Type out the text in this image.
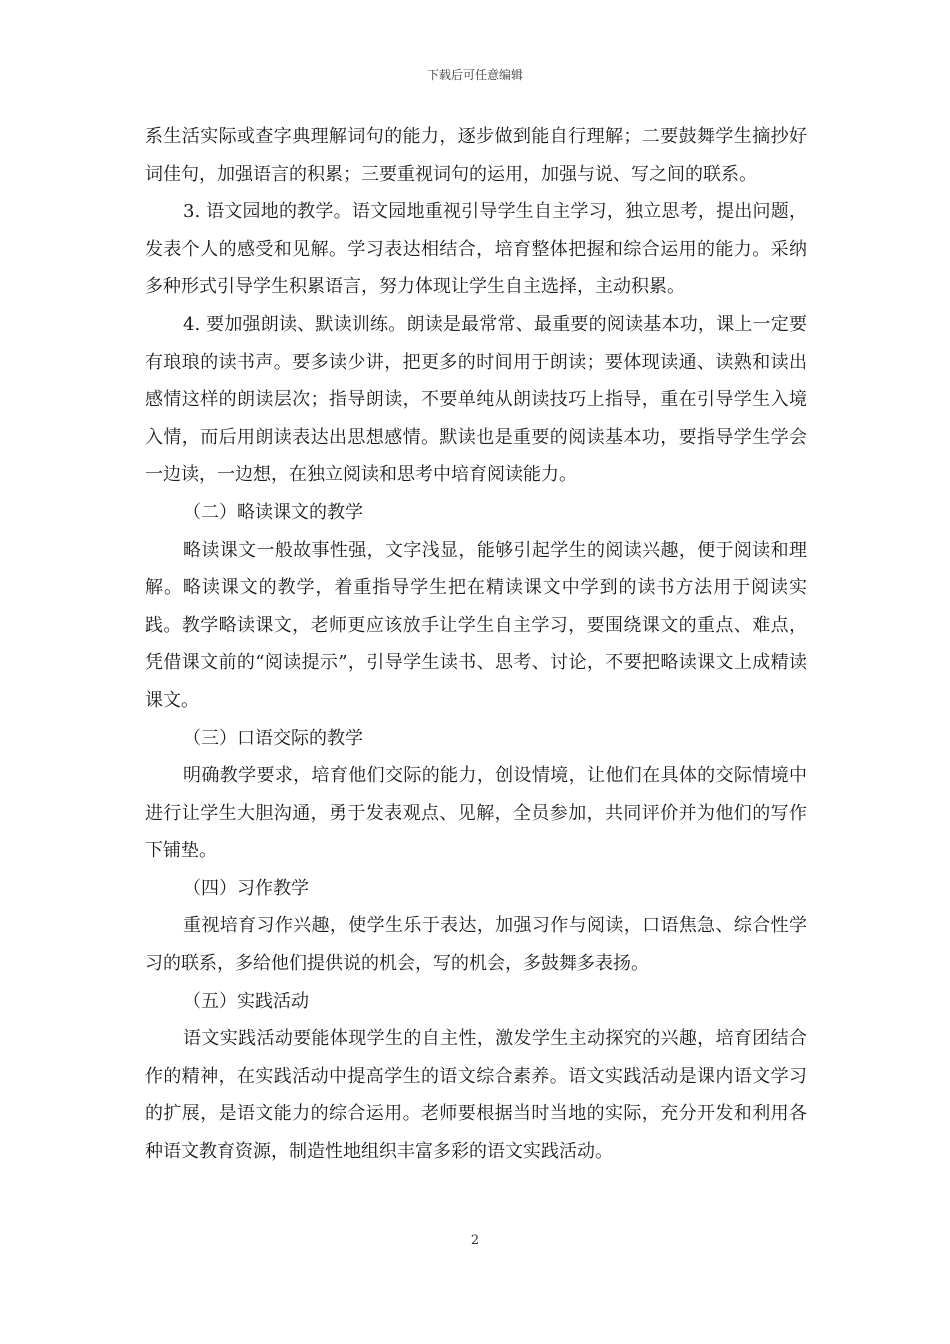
下载后可任意编辑

系生活实际或查字典理解词句的能力，逐步做到能自行理解；二要鼓舞学生摘抄好词佳句，加强语言的积累；三要重视词句的运用，加强与说、写之间的联系。

3. 语文园地的教学。语文园地重视引导学生自主学习，独立思考，提出问题，发表个人的感受和见解。学习表达相结合，培育整体把握和综合运用的能力。采纳多种形式引导学生积累语言，努力体现让学生自主选择，主动积累。

4. 要加强朗读、默读训练。朗读是最常常、最重要的阅读基本功，课上一定要有琅琅的读书声。要多读少讲，把更多的时间用于朗读；要体现读通、读熟和读出感情这样的朗读层次；指导朗读，不要单纯从朗读技巧上指导，重在引导学生入境入情，而后用朗读表达出思想感情。默读也是重要的阅读基本功，要指导学生学会一边读，一边想，在独立阅读和思考中培育阅读能力。

（二）略读课文的教学

略读课文一般故事性强，文字浅显，能够引起学生的阅读兴趣，便于阅读和理解。略读课文的教学，着重指导学生把在精读课文中学到的读书方法用于阅读实践。教学略读课文，老师更应该放手让学生自主学习，要围绕课文的重点、难点，凭借课文前的“阅读提示”，引导学生读书、思考、讨论，不要把略读课文上成精读课文。

（三）口语交际的教学

明确教学要求，培育他们交际的能力，创设情境，让他们在具体的交际情境中进行让学生大胆沟通，勇于发表观点、见解，全员参加，共同评价并为他们的写作下铺垫。

（四）习作教学

重视培育习作兴趣，使学生乐于表达，加强习作与阅读，口语焦急、综合性学习的联系，多给他们提供说的机会，写的机会，多鼓舞多表扬。

（五）实践活动

语文实践活动要能体现学生的自主性，激发学生主动探究的兴趣，培育团结合作的精神，在实践活动中提高学生的语文综合素养。语文实践活动是课内语文学习的扩展，是语文能力的综合运用。老师要根据当时当地的实际，充分开发和利用各种语文教育资源，制造性地组织丰富多彩的语文实践活动。

2
